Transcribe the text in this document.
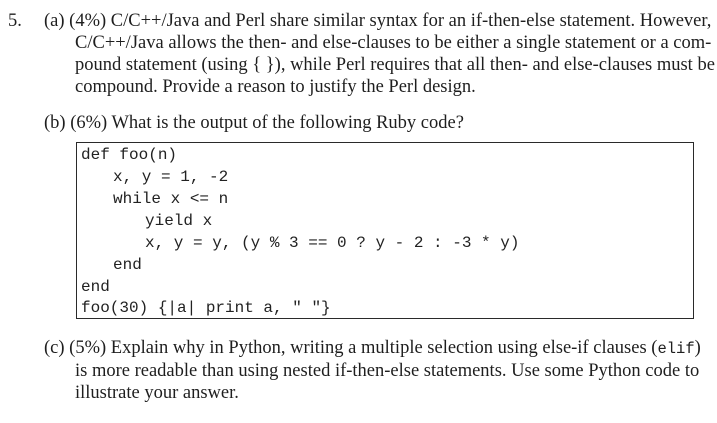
5. (a) (4%) C/C++/Java and Perl share similar syntax for an if-then-else statement. However,
C/C++/Java allows the then- and else-clauses to be either a single statement or a com-
pound statement (using { }), while Perl requires that all then- and else-clauses must be
compound. Provide a reason to justify the Perl design.
(b) (6%) What is the output of the following Ruby code?
def foo(n)
x, y = 1, -2
while x <= n
yield x
x, y = y, (y % 3 == 0 ? y - 2 : -3 * y)
end
end
foo(30) {|a| print a, " "}
(c) (5%) Explain why in Python, writing a multiple selection using else-if clauses (elif)
is more readable than using nested if-then-else statements. Use some Python code to
illustrate your answer.
